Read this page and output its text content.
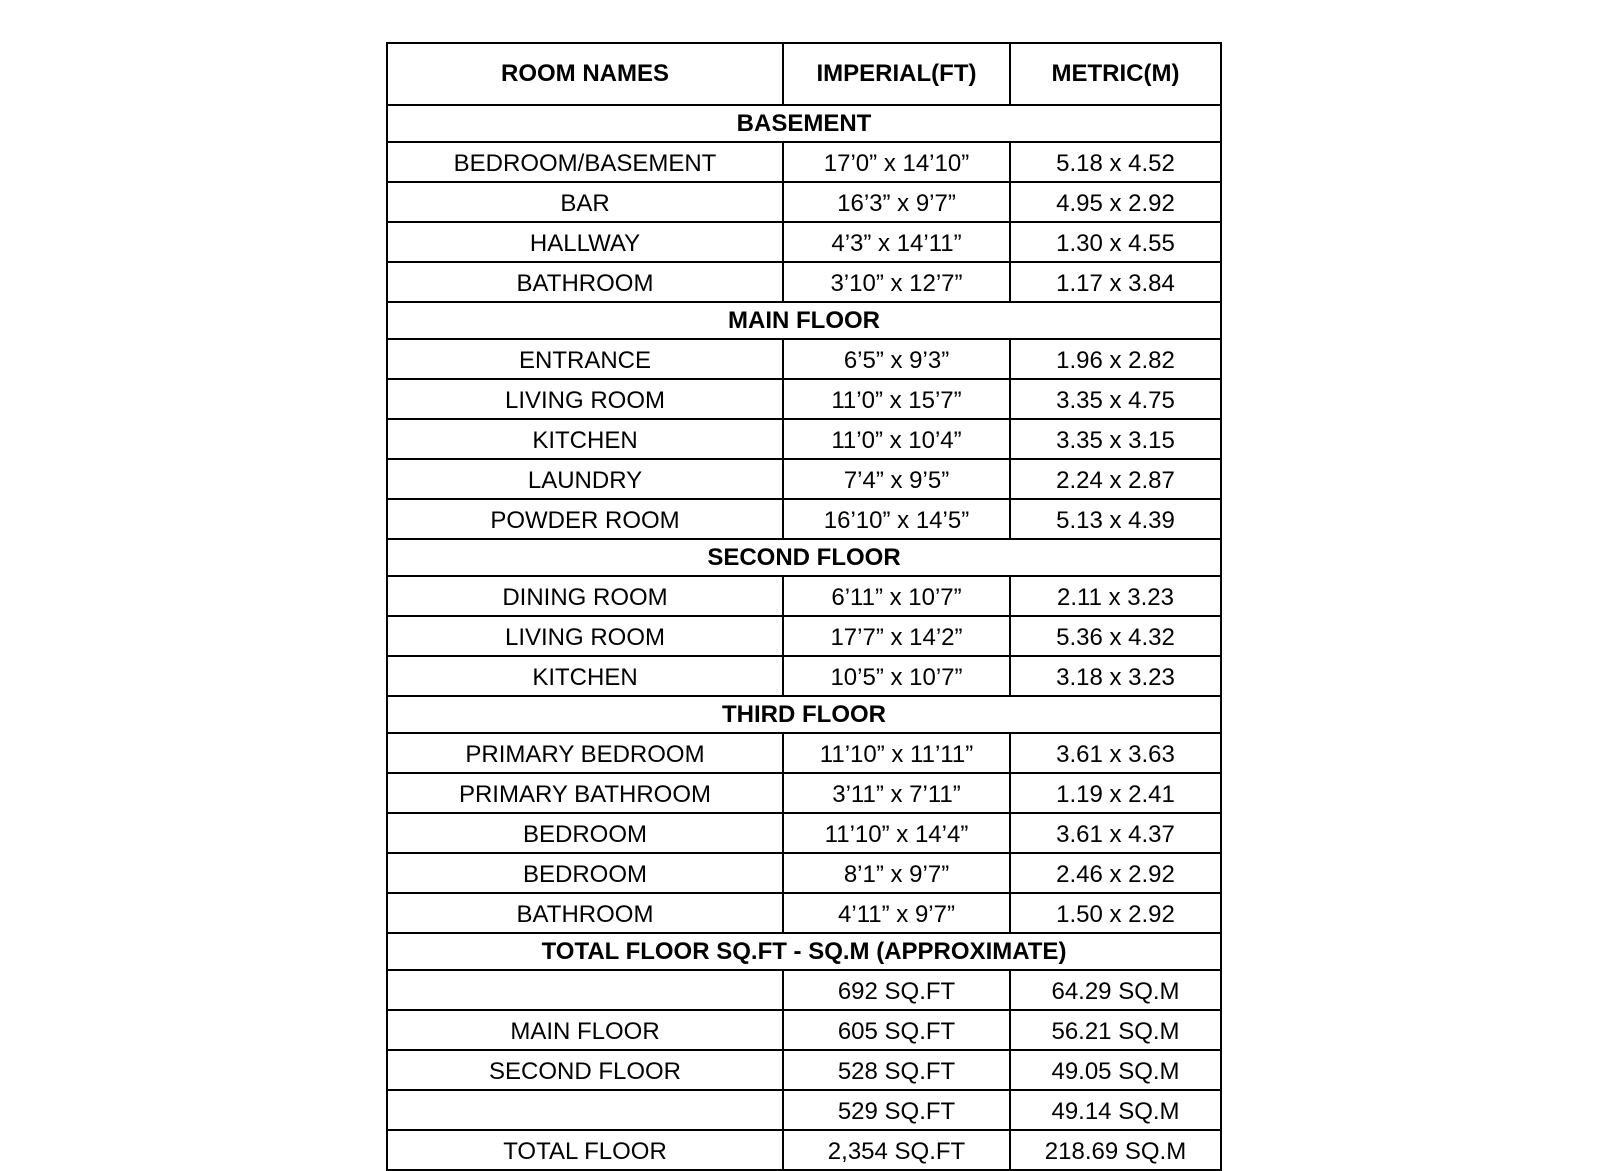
ROOM NAMES	IMPERIAL(FT)	METRIC(M)
BASEMENT		
BEDROOM/BASEMENT	17’0” x 14’10”	5.18 x 4.52
BAR	16’3” x 9’7”	4.95 x 2.92
HALLWAY	4’3” x 14’11”	1.30 x 4.55
BATHROOM	3’10” x 12’7”	1.17 x 3.84
MAIN FLOOR		
ENTRANCE	6’5” x 9’3”	1.96 x 2.82
LIVING ROOM	11’0” x 15’7”	3.35 x 4.75
KITCHEN	11’0” x 10’4”	3.35 x 3.15
LAUNDRY	7’4” x 9’5”	2.24 x 2.87
POWDER ROOM	16’10” x 14’5”	5.13 x 4.39
SECOND FLOOR		
DINING ROOM	6’11” x 10’7”	2.11 x 3.23
LIVING ROOM	17’7” x 14’2”	5.36 x 4.32
KITCHEN	10’5” x 10’7”	3.18 x 3.23
THIRD FLOOR		
PRIMARY BEDROOM	11’10” x 11’11”	3.61 x 3.63
PRIMARY BATHROOM	3’11” x 7’11”	1.19 x 2.41
BEDROOM	11’10” x 14’4”	3.61 x 4.37
BEDROOM	8’1” x 9’7”	2.46 x 2.92
BATHROOM	4’11” x 9’7”	1.50 x 2.92
TOTAL FLOOR SQ.FT - SQ.M (APPROXIMATE)		
	692 SQ.FT	64.29 SQ.M
MAIN FLOOR	605 SQ.FT	56.21 SQ.M
SECOND FLOOR	528 SQ.FT	49.05 SQ.M
	529 SQ.FT	49.14 SQ.M
TOTAL FLOOR	2,354 SQ.FT	218.69 SQ.M
